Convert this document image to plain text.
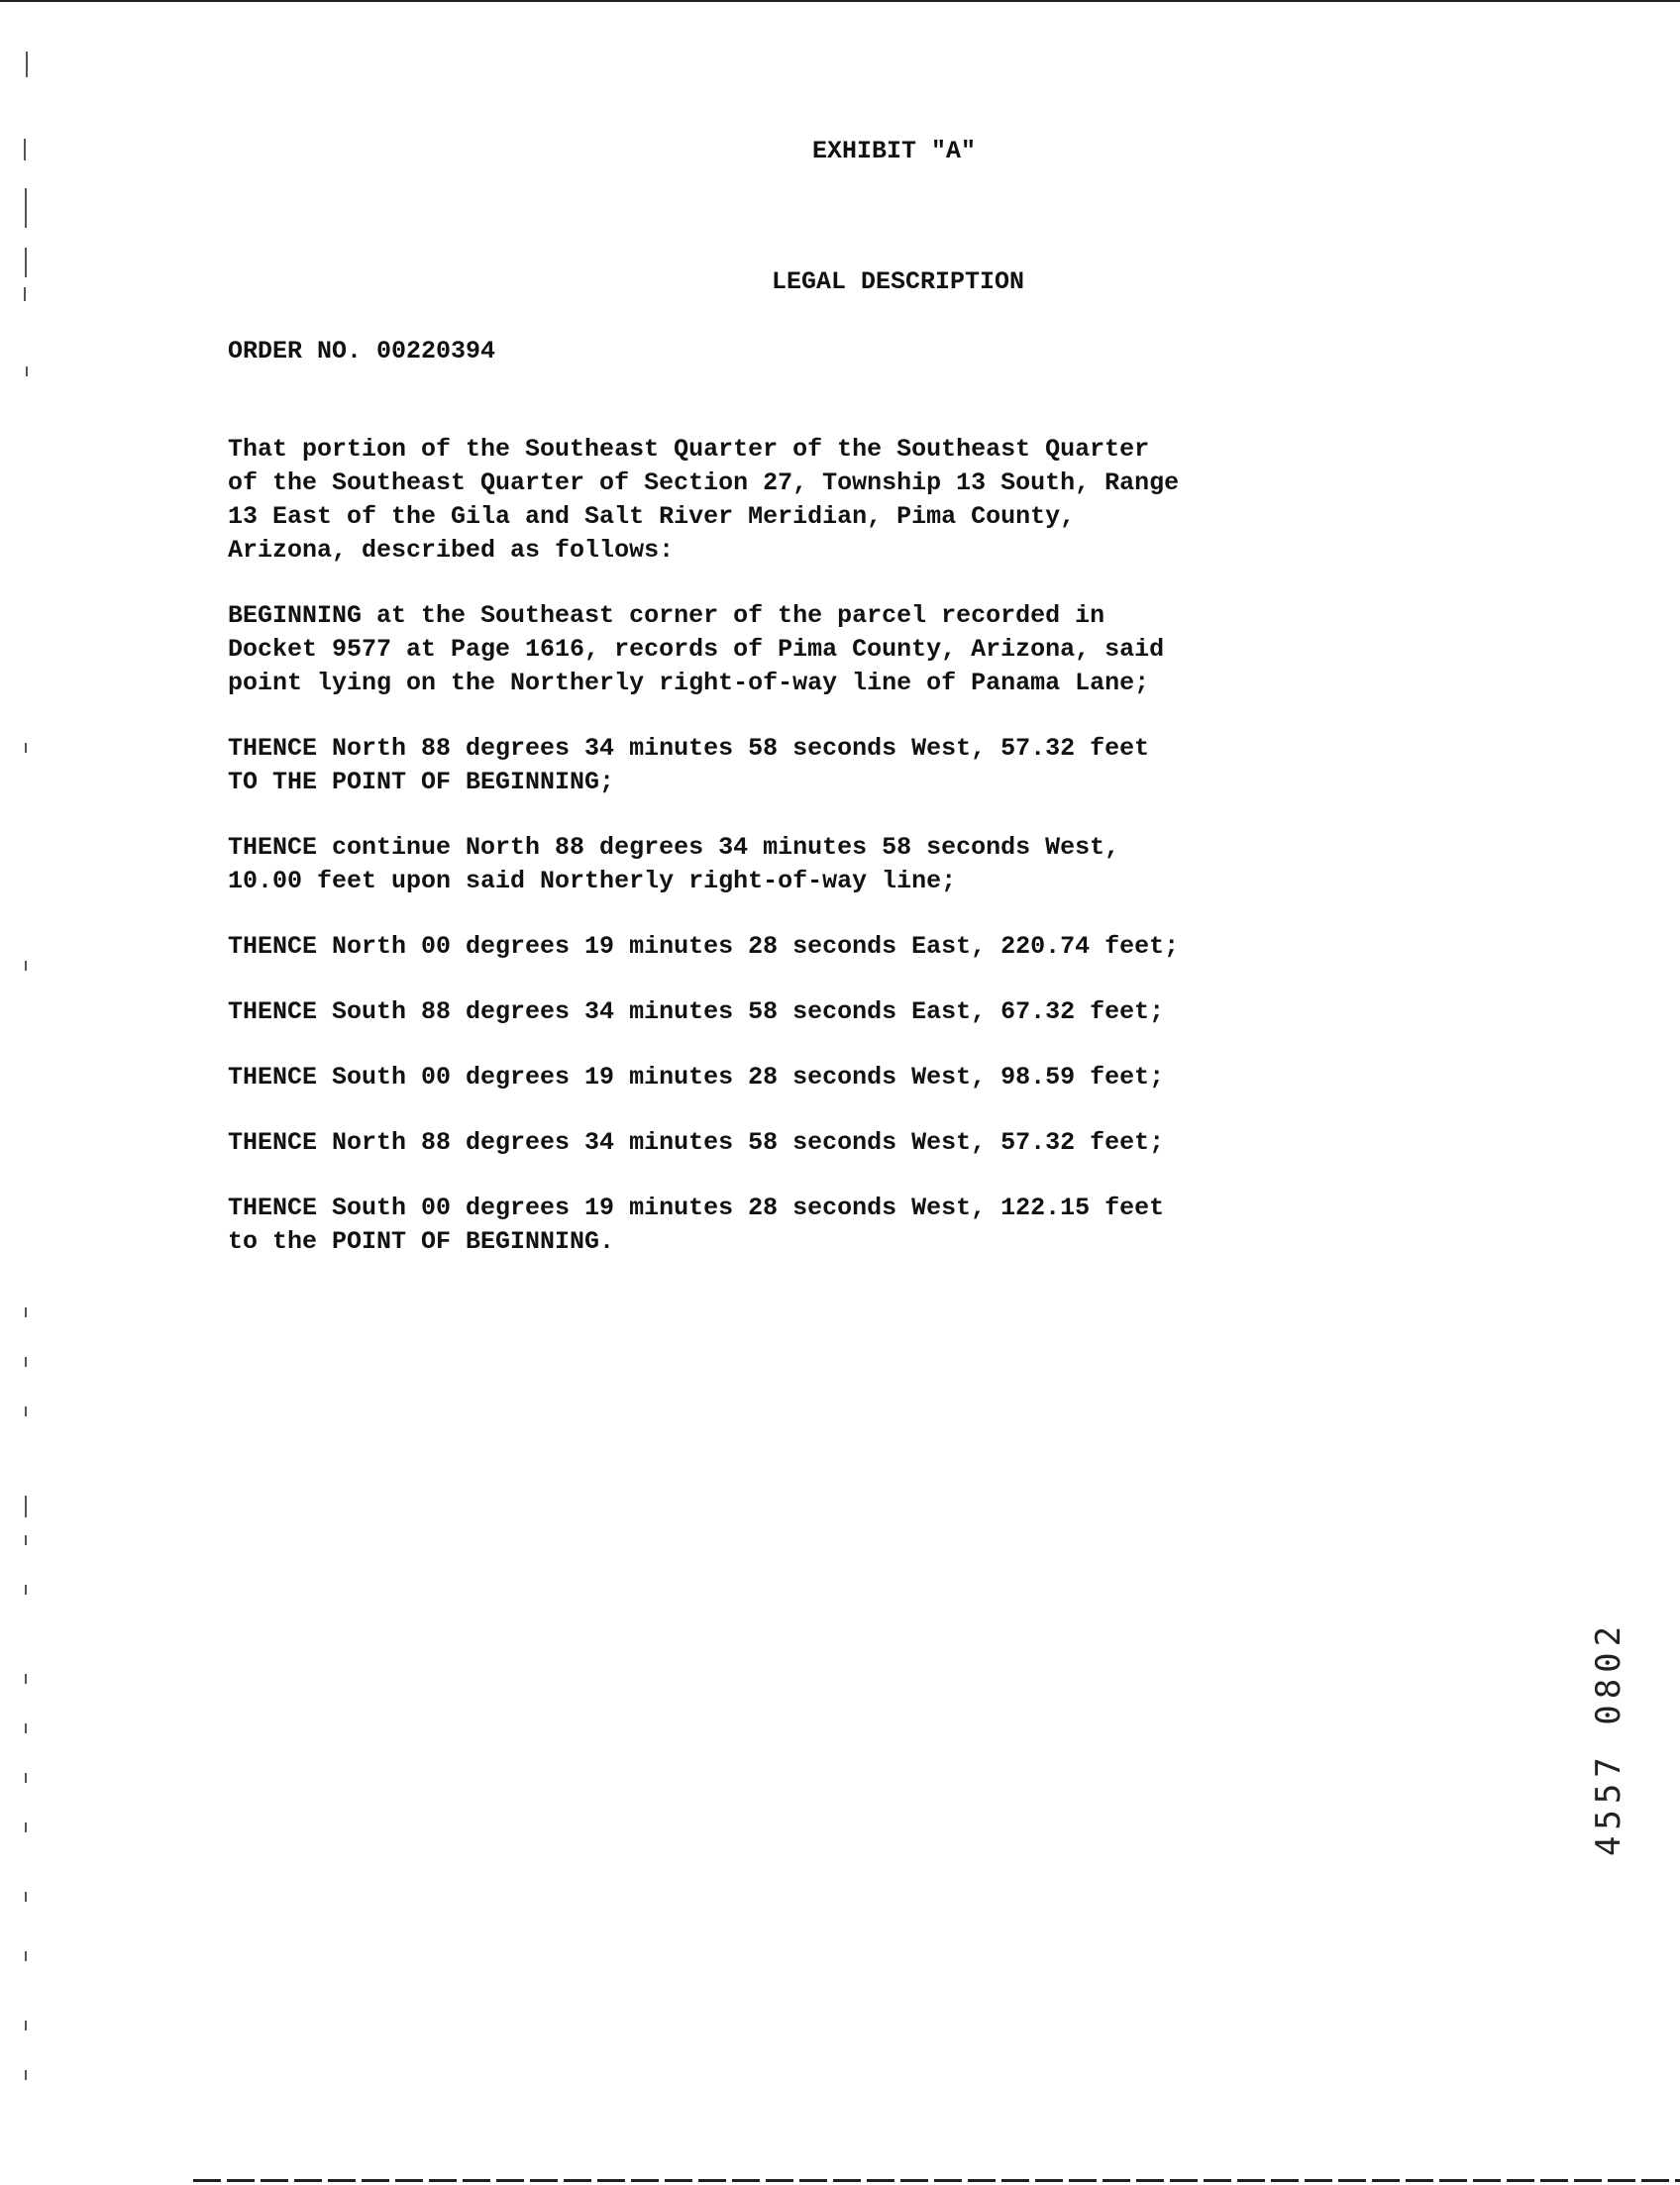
EXHIBIT "A"
LEGAL DESCRIPTION
ORDER NO. 00220394

That portion of the Southeast Quarter of the Southeast Quarter
of the Southeast Quarter of Section 27, Township 13 South, Range
13 East of the Gila and Salt River Meridian, Pima County,
Arizona, described as follows:

BEGINNING at the Southeast corner of the parcel recorded in
Docket 9577 at Page 1616, records of Pima County, Arizona, said
point lying on the Northerly right-of-way line of Panama Lane;

THENCE North 88 degrees 34 minutes 58 seconds West, 57.32 feet
TO THE POINT OF BEGINNING;

THENCE continue North 88 degrees 34 minutes 58 seconds West,
10.00 feet upon said Northerly right-of-way line;

THENCE North 00 degrees 19 minutes 28 seconds East, 220.74 feet;

THENCE South 88 degrees 34 minutes 58 seconds East, 67.32 feet;

THENCE South 00 degrees 19 minutes 28 seconds West, 98.59 feet;

THENCE North 88 degrees 34 minutes 58 seconds West, 57.32 feet;

THENCE South 00 degrees 19 minutes 28 seconds West, 122.15 feet
to the POINT OF BEGINNING.

4557 0802
